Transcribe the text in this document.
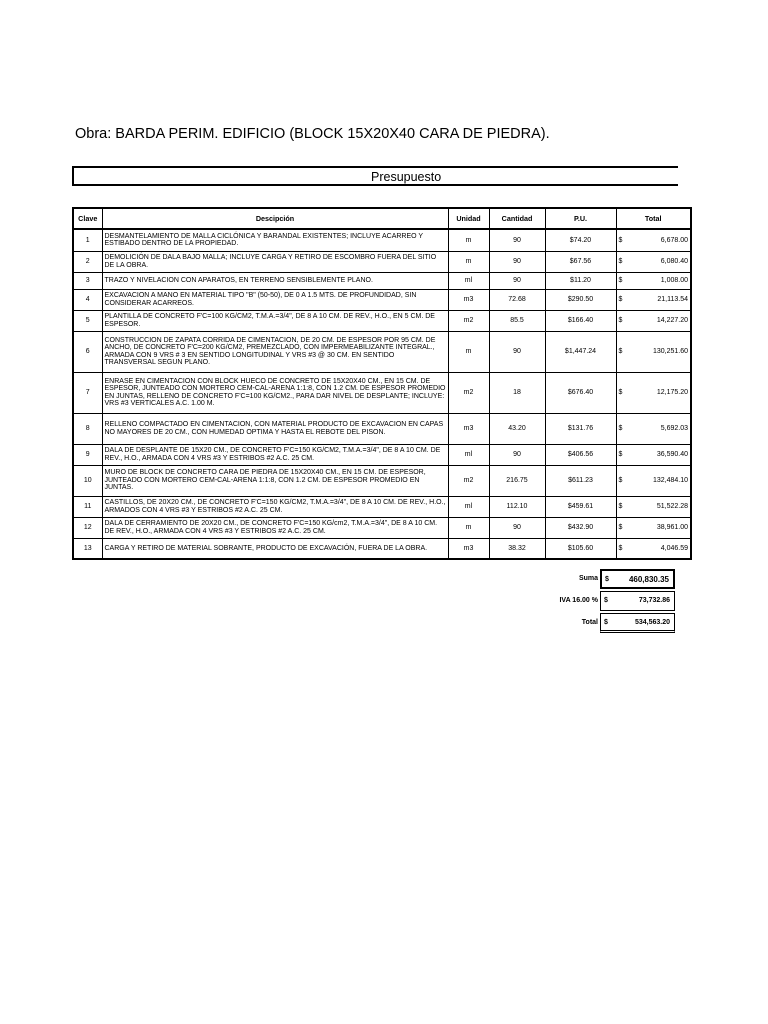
Obra: BARDA PERIM. EDIFICIO (BLOCK 15X20X40 CARA DE PIEDRA).
Presupuesto
Clave	Descipción	Unidad	Cantidad	P.U.	Total	
1	DESMANTELAMIENTO DE MALLA CICLÓNICA Y BARANDAL EXISTENTES; INCLUYE ACARREO Y ESTIBADO DENTRO DE LA PROPIEDAD.	m	90	$74.20	$	6,678.00
2	DEMOLICIÓN DE DALA BAJO MALLA; INCLUYE CARGA Y RETIRO DE ESCOMBRO FUERA DEL SITIO DE LA OBRA.	m	90	$67.56	$	6,080.40
3	TRAZO Y NIVELACION CON APARATOS, EN TERRENO SENSIBLEMENTE PLANO.	ml	90	$11.20	$	1,008.00
4	EXCAVACION A MANO EN MATERIAL TIPO "B" (50-50), DE 0 A 1.5 MTS. DE PROFUNDIDAD, SIN CONSIDERAR ACARREOS.	m3	72.68	$290.50	$	21,113.54
5	PLANTILLA DE CONCRETO F'C=100 KG/CM2, T.M.A.=3/4", DE 8 A 10 CM. DE REV., H.O., EN 5 CM. DE ESPESOR.	m2	85.5	$166.40	$	14,227.20
6	CONSTRUCCION DE ZAPATA CORRIDA DE CIMENTACION, DE 20 CM. DE ESPESOR POR 95 CM. DE ANCHO, DE CONCRETO F'C=200 KG/CM2, PREMEZCLADO, CON IMPERMEABILIZANTE INTEGRAL., ARMADA CON 9 VRS # 3 EN SENTIDO LONGITUDINAL Y VRS #3 @ 30 CM. EN SENTIDO TRANSVERSAL SEGUN PLANO.	m	90	$1,447.24	$	130,251.60
7	ENRASE EN CIMENTACION CON BLOCK HUECO DE CONCRETO DE 15X20X40 CM., EN 15 CM. DE ESPESOR, JUNTEADO CON MORTERO CEM-CAL-ARENA 1:1:8, CON 1.2 CM. DE ESPESOR PROMEDIO EN JUNTAS, RELLENO DE CONCRETO F'C=100 KG/CM2., PARA DAR NIVEL DE DESPLANTE; INCLUYE: VRS #3 VERTICALES A.C. 1.00 M.	m2	18	$676.40	$	12,175.20
8	RELLENO COMPACTADO EN CIMENTACION, CON MATERIAL PRODUCTO DE EXCAVACION EN CAPAS NO MAYORES DE 20 CM., CON HUMEDAD OPTIMA Y HASTA EL REBOTE DEL PISON.	m3	43.20	$131.76	$	5,692.03
9	DALA DE DESPLANTE DE 15X20 CM., DE CONCRETO F'C=150 KG/CM2, T.M.A.=3/4", DE 8 A 10 CM. DE REV., H.O., ARMADA CON 4 VRS #3 Y ESTRIBOS #2 A.C. 25 CM.	ml	90	$406.56	$	36,590.40
10	MURO DE BLOCK DE CONCRETO CARA DE PIEDRA DE 15X20X40 CM., EN 15 CM. DE ESPESOR, JUNTEADO CON MORTERO CEM-CAL-ARENA 1:1:8, CON 1.2 CM. DE ESPESOR PROMEDIO EN JUNTAS.	m2	216.75	$611.23	$	132,484.10
11	CASTILLOS, DE 20X20 CM., DE CONCRETO F'C=150 KG/CM2, T.M.A.=3/4", DE 8 A 10 CM. DE REV., H.O., ARMADOS CON 4 VRS #3 Y ESTRIBOS #2 A.C. 25 CM.	ml	112.10	$459.61	$	51,522.28
12	DALA DE CERRAMIENTO DE 20X20 CM., DE CONCRETO F'C=150 KG/cm2, T.M.A.=3/4", DE 8 A 10 CM. DE REV., H.O., ARMADA CON 4 VRS #3 Y ESTRIBOS #2 A.C. 25 CM.	m	90	$432.90	$	38,961.00
13	CARGA Y RETIRO DE MATERIAL SOBRANTE, PRODUCTO DE EXCAVACIÓN, FUERA DE LA OBRA.	m3	38.32	$105.60	$	4,046.59
Suma $	460,830.35
IVA 16.00 % $	73,732.86
Total $	534,563.20
